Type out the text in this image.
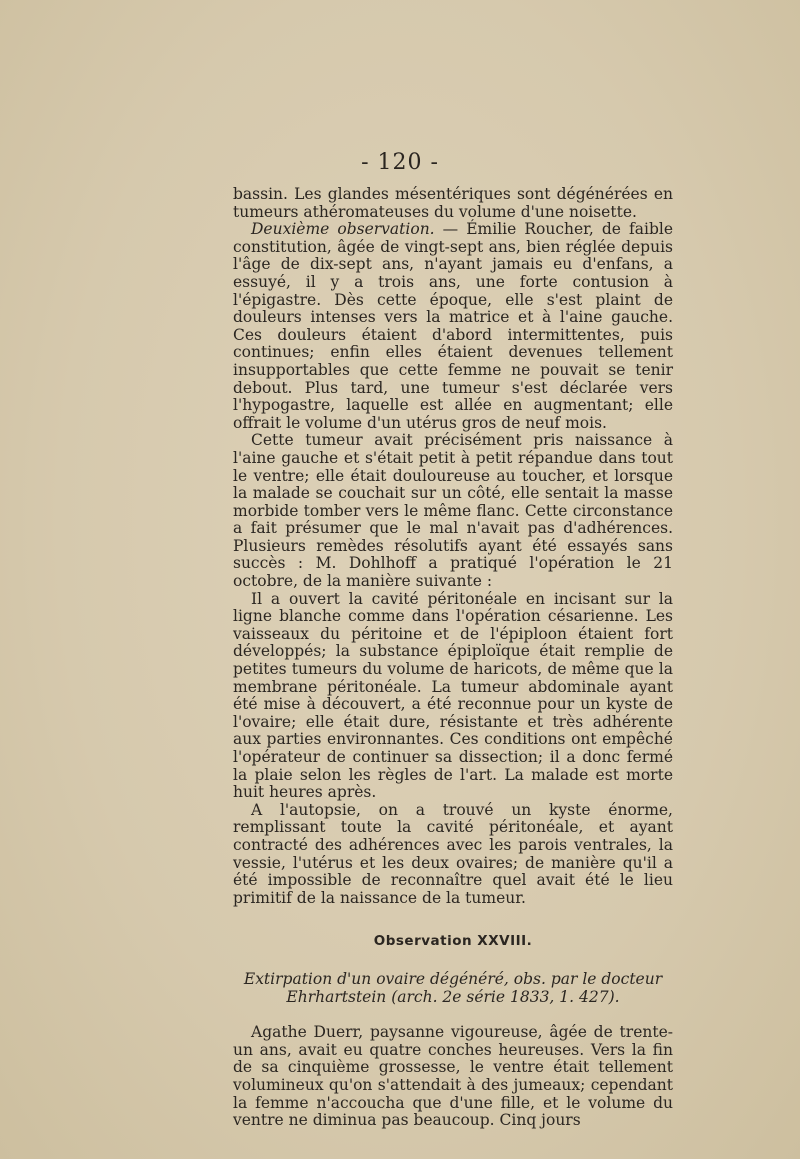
- 120 -

bassin. Les glandes mésentériques sont dégénérées en tumeurs athéromateuses du volume d'une noisette.

Deuxième observation. — Émilie Roucher, de faible constitution, âgée de vingt-sept ans, bien réglée depuis l'âge de dix-sept ans, n'ayant jamais eu d'enfans, a essuyé, il y a trois ans, une forte contusion à l'épigastre. Dès cette époque, elle s'est plaint de douleurs intenses vers la matrice et à l'aine gauche. Ces douleurs étaient d'abord intermittentes, puis continues; enfin elles étaient devenues tellement insupportables que cette femme ne pouvait se tenir debout. Plus tard, une tumeur s'est déclarée vers l'hypogastre, laquelle est allée en augmentant; elle offrait le volume d'un utérus gros de neuf mois.

Cette tumeur avait précisément pris naissance à l'aine gauche et s'était petit à petit répandue dans tout le ventre; elle était douloureuse au toucher, et lorsque la malade se couchait sur un côté, elle sentait la masse morbide tomber vers le même flanc. Cette circonstance a fait présumer que le mal n'avait pas d'adhérences. Plusieurs remèdes résolutifs ayant été essayés sans succès : M. Dohlhoff a pratiqué l'opération le 21 octobre, de la manière suivante :

Il a ouvert la cavité péritonéale en incisant sur la ligne blanche comme dans l'opération césarienne. Les vaisseaux du péritoine et de l'épiploon étaient fort développés; la substance épiploïque était remplie de petites tumeurs du volume de haricots, de même que la membrane péritonéale. La tumeur abdominale ayant été mise à découvert, a été reconnue pour un kyste de l'ovaire; elle était dure, résistante et très adhérente aux parties environnantes. Ces conditions ont empêché l'opérateur de continuer sa dissection; il a donc fermé la plaie selon les règles de l'art. La malade est morte huit heures après.

A l'autopsie, on a trouvé un kyste énorme, remplissant toute la cavité péritonéale, et ayant contracté des adhérences avec les parois ventrales, la vessie, l'utérus et les deux ovaires; de manière qu'il a été impossible de reconnaître quel avait été le lieu primitif de la naissance de la tumeur.

Observation XXVIII.

Extirpation d'un ovaire dégénéré, obs. par le docteur Ehrhartstein (arch. 2e série 1833, 1. 427).

Agathe Duerr, paysanne vigoureuse, âgée de trente-un ans, avait eu quatre conches heureuses. Vers la fin de sa cinquième grossesse, le ventre était tellement volumineux qu'on s'attendait à des jumeaux; cependant la femme n'accoucha que d'une fille, et le volume du ventre ne diminua pas beaucoup. Cinq jours
